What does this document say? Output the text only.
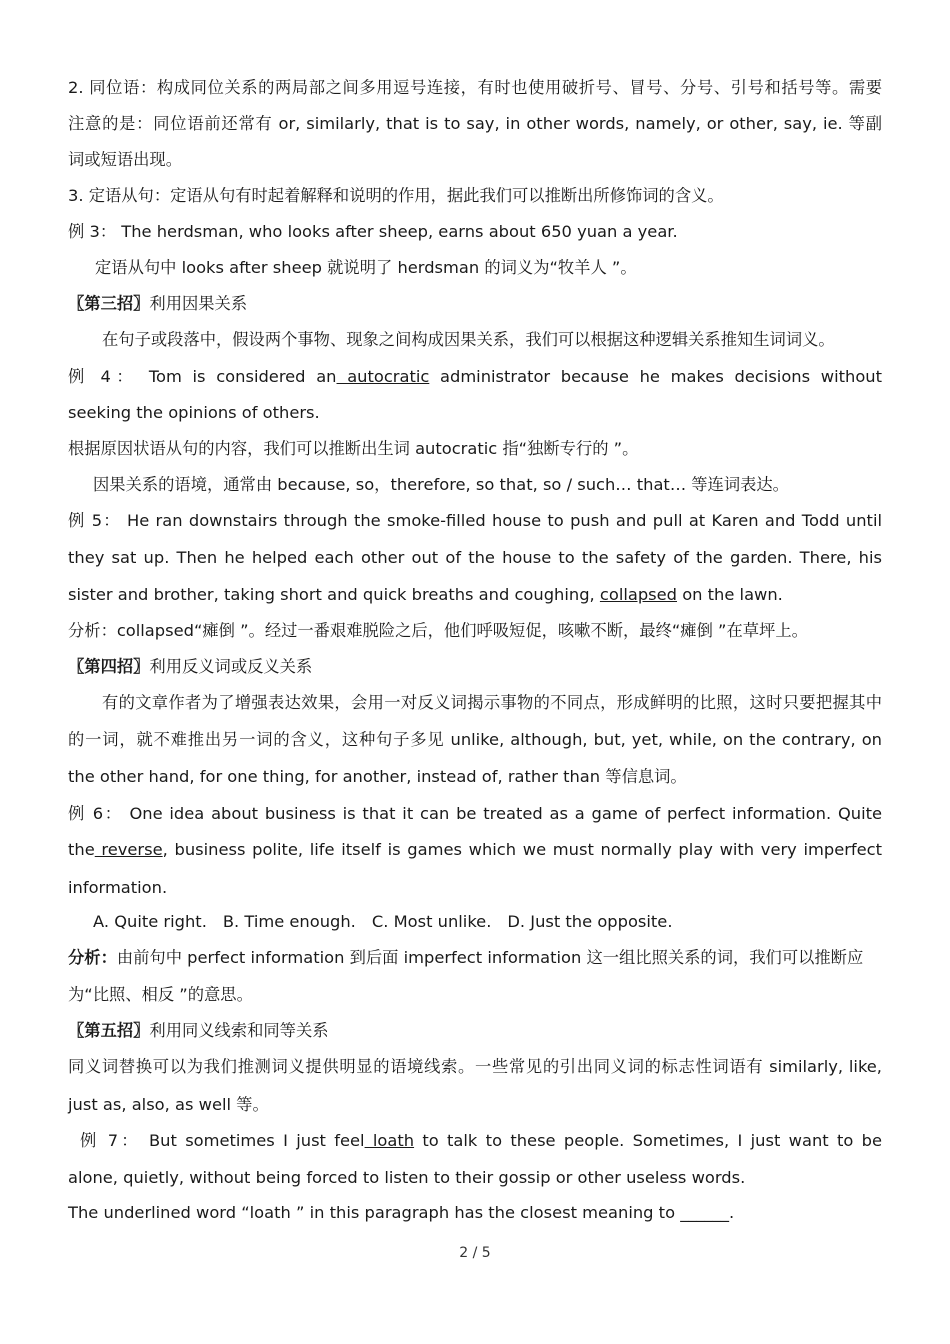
2. 同位语：构成同位关系的两局部之间多用逗号连接，有时也使用破折号、冒号、分号、引号和括号等。需要

注意的是：同位语前还常有 or, similarly, that is to say, in other words, namely, or other, say, ie. 等副

词或短语出现。

3. 定语从句：定语从句有时起着解释和说明的作用，据此我们可以推断出所修饰词的含义。

例 3： The herdsman, who looks after sheep, earns about 650 yuan a year.

定语从句中 looks after sheep 就说明了 herdsman 的词义为“牧羊人 ”。

〖第三招〗利用因果关系

在句子或段落中，假设两个事物、现象之间构成因果关系，我们可以根据这种逻辑关系推知生词词义。

例 4： Tom is considered an autocratic administrator because he makes decisions without

seeking the opinions of others.

根据原因状语从句的内容，我们可以推断出生词 autocratic 指“独断专行的 ”。

因果关系的语境，通常由 because, so，therefore, so that, so / such… that… 等连词表达。

例 5： He ran downstairs through the smoke-filled house to push and pull at Karen and Todd until

they sat up. Then he helped each other out of the house to the safety of the garden. There, his

sister and brother, taking short and quick breaths and coughing, collapsed on the lawn.

分析：collapsed“瘫倒 ”。经过一番艰难脱险之后，他们呼吸短促，咳嗽不断，最终“瘫倒 ”在草坪上。

〖第四招〗利用反义词或反义关系

有的文章作者为了增强表达效果，会用一对反义词揭示事物的不同点，形成鲜明的比照，这时只要把握其中

的一词，就不难推出另一词的含义，这种句子多见 unlike, although, but, yet, while, on the contrary, on

the other hand, for one thing, for another, instead of, rather than 等信息词。

例 6： One idea about business is that it can be treated as a game of perfect information. Quite

the reverse, business polite, life itself is games which we must normally play with very imperfect

information.

A. Quite right. B. Time enough. C. Most unlike. D. Just the opposite.

分析：由前句中 perfect information 到后面 imperfect information 这一组比照关系的词，我们可以推断应

为“比照、相反 ”的意思。

〖第五招〗利用同义线索和同等关系

同义词替换可以为我们推测词义提供明显的语境线索。一些常见的引出同义词的标志性词语有 similarly, like,

just as, also, as well 等。

例 7： But sometimes I just feel loath to talk to these people. Sometimes, I just want to be

alone, quietly, without being forced to listen to their gossip or other useless words.

The underlined word “loath ” in this paragraph has the closest meaning to ______.

2 / 5
